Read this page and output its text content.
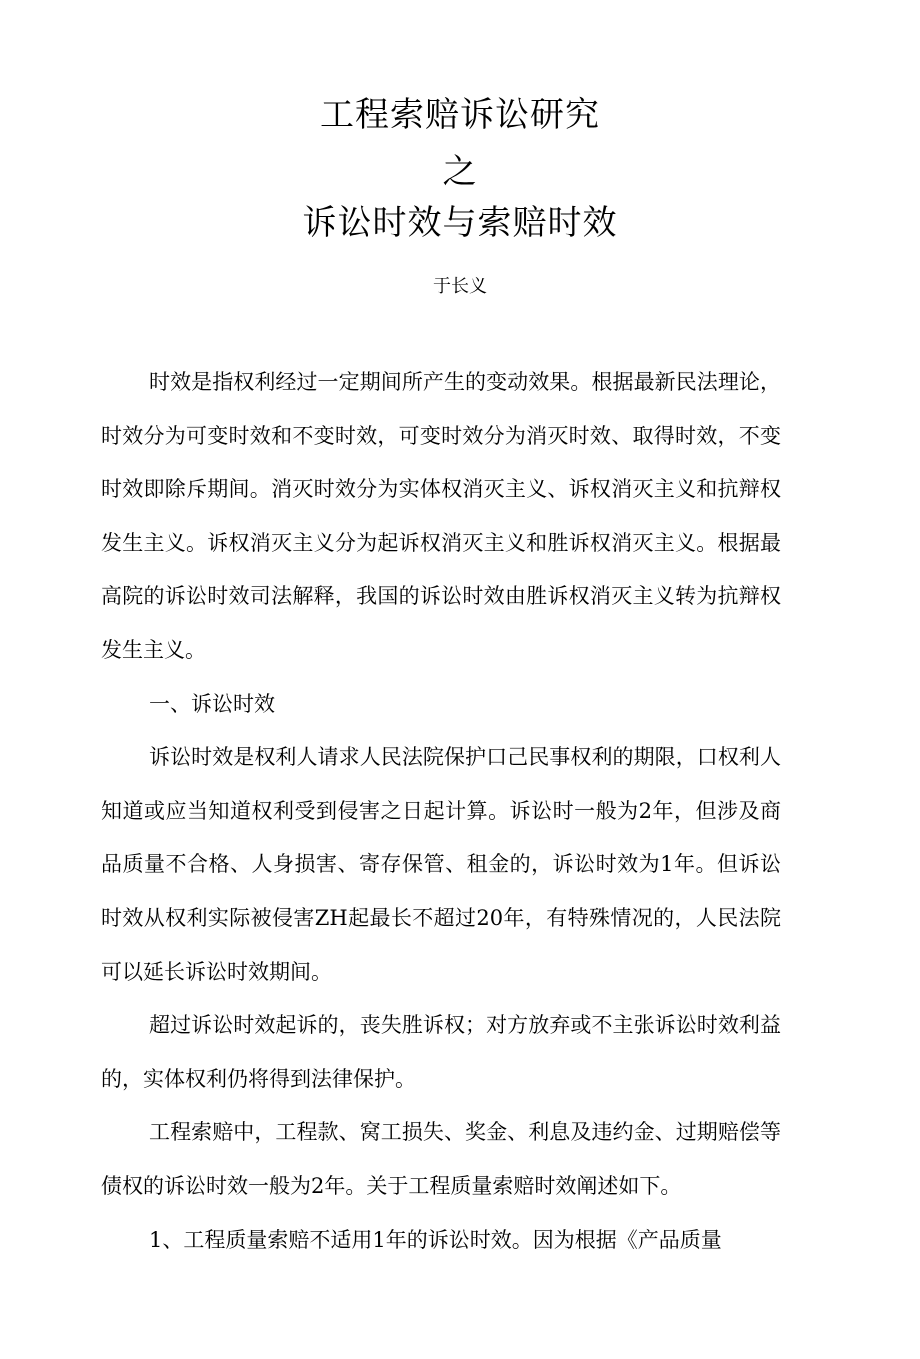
工程索赔诉讼研究
之
诉讼时效与索赔时效
于长义

时效是指权利经过一定期间所产生的变动效果。根据最新民法理论，时效分为可变时效和不变时效，可变时效分为消灭时效、取得时效，不变时效即除斥期间。消灭时效分为实体权消灭主义、诉权消灭主义和抗辩权发生主义。诉权消灭主义分为起诉权消灭主义和胜诉权消灭主义。根据最高院的诉讼时效司法解释，我国的诉讼时效由胜诉权消灭主义转为抗辩权发生主义。

一、诉讼时效

诉讼时效是权利人请求人民法院保护口己民事权利的期限，口权利人知道或应当知道权利受到侵害之日起计算。诉讼时一般为2年，但涉及商品质量不合格、人身损害、寄存保管、租金的，诉讼时效为1年。但诉讼时效从权利实际被侵害ZH起最长不超过20年，有特殊情况的，人民法院可以延长诉讼时效期间。

超过诉讼时效起诉的，丧失胜诉权；对方放弃或不主张诉讼时效利益的，实体权利仍将得到法律保护。

工程索赔中，工程款、窝工损失、奖金、利息及违约金、过期赔偿等债权的诉讼时效一般为2年。关于工程质量索赔时效阐述如下。

1、工程质量索赔不适用1年的诉讼时效。因为根据《产品质量
